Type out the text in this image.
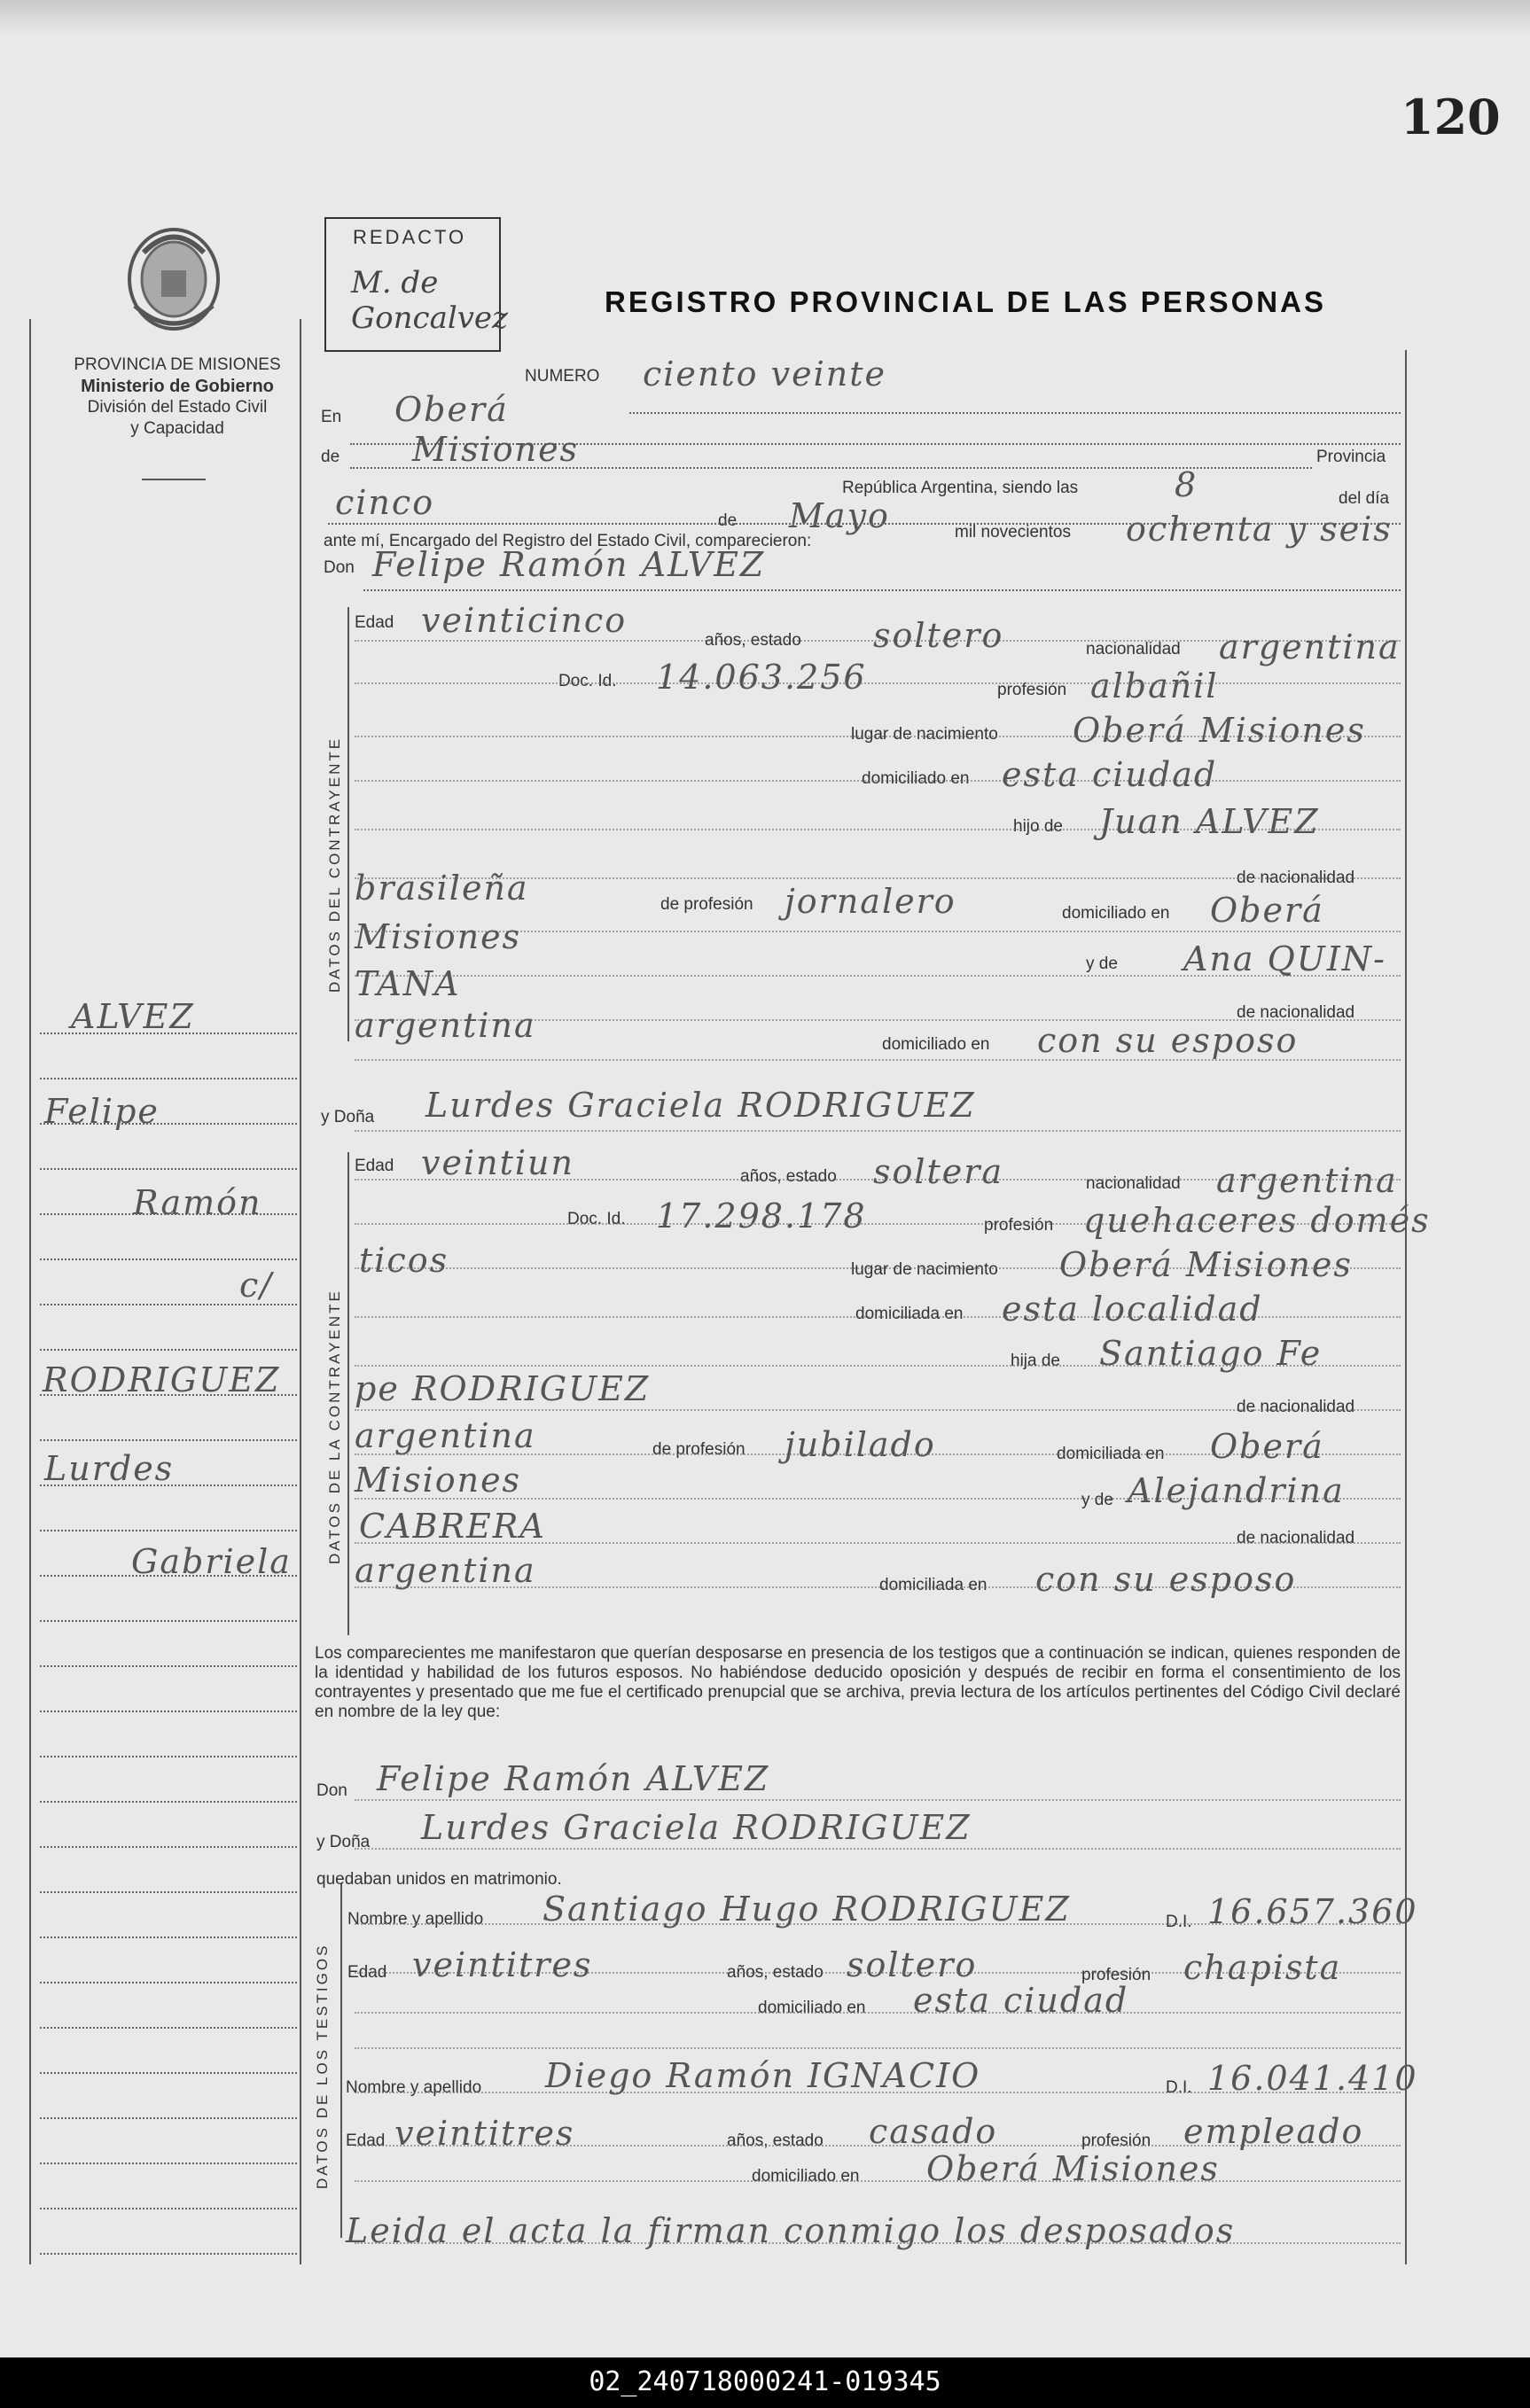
120
PROVINCIA DE MISIONES
Ministerio de Gobierno
División del Estado Civil
y Capacidad
REDACTO
M. de Goncalvez	REGISTRO PROVINCIAL DE LAS PERSONAS
ALVEZ
Felipe
Ramón
c/
RODRIGUEZ
Lurdes
Gabriela
NUMERO ciento veinte
En Oberá
de Misiones	Provincia
República Argentina, siendo las	8	del día
cinco	de Mayo	mil novecientos ochenta y seis
ante mí, Encargado del Registro del Estado Civil, comparecieron:
Don Felipe Ramón ALVEZ
DATOS DEL CONTRAYENTE
Edad veinticinco
años, estado soltero	nacionalidad argentina
Doc. Id. 14.063.256	profesión albañil
lugar de nacimiento Oberá Misiones
domiciliado en esta ciudad
hijo de Juan ALVEZ
de nacionalidad
brasileña	de profesión jornalero	domiciliado en Oberá
Misiones
y de Ana QUIN-
TANA
de nacionalidad
argentina	domiciliado en con su esposo
y Doña Lurdes Graciela RODRIGUEZ
DATOS DE LA CONTRAYENTE
Edad veintiun	años, estado soltera	nacionalidad argentina
Doc. Id. 17.298.178	profesión quehaceres domés
ticos	lugar de nacimiento Oberá Misiones
domiciliada en esta localidad
hija de Santiago Fe
pe RODRIGUEZ	de nacionalidad
argentina	de profesión jubilado	domiciliada en Oberá
Misiones
y de Alejandrina
CABRERA	de nacionalidad
argentina	domiciliada en con su esposo
Los comparecientes me manifestaron que querían desposarse en presencia de los testigos que a continuación se indican, quienes responden de la identidad y habilidad de los futuros esposos. No habiéndose deducido oposición y después de recibir en forma el consentimiento de los contrayentes y presentado que me fue el certificado prenupcial que se archiva, previa lectura de los artículos pertinentes del Código Civil declaré en nombre de la ley que:
Don Felipe Ramón ALVEZ
y Doña Lurdes Graciela RODRIGUEZ
quedaban unidos en matrimonio.
DATOS DE LOS TESTIGOS
Nombre y apellido Santiago Hugo RODRIGUEZ	D.I. 16.657.360
Edad veintitres	años, estado soltero	profesión chapista
domiciliado en esta ciudad
Nombre y apellido Diego Ramón IGNACIO	D.I. 16.041.410
Edad veintitres	años, estado casado	profesión empleado
domiciliado en Oberá Misiones
Leida el acta la firman conmigo los desposados
02_240718000241-019345
